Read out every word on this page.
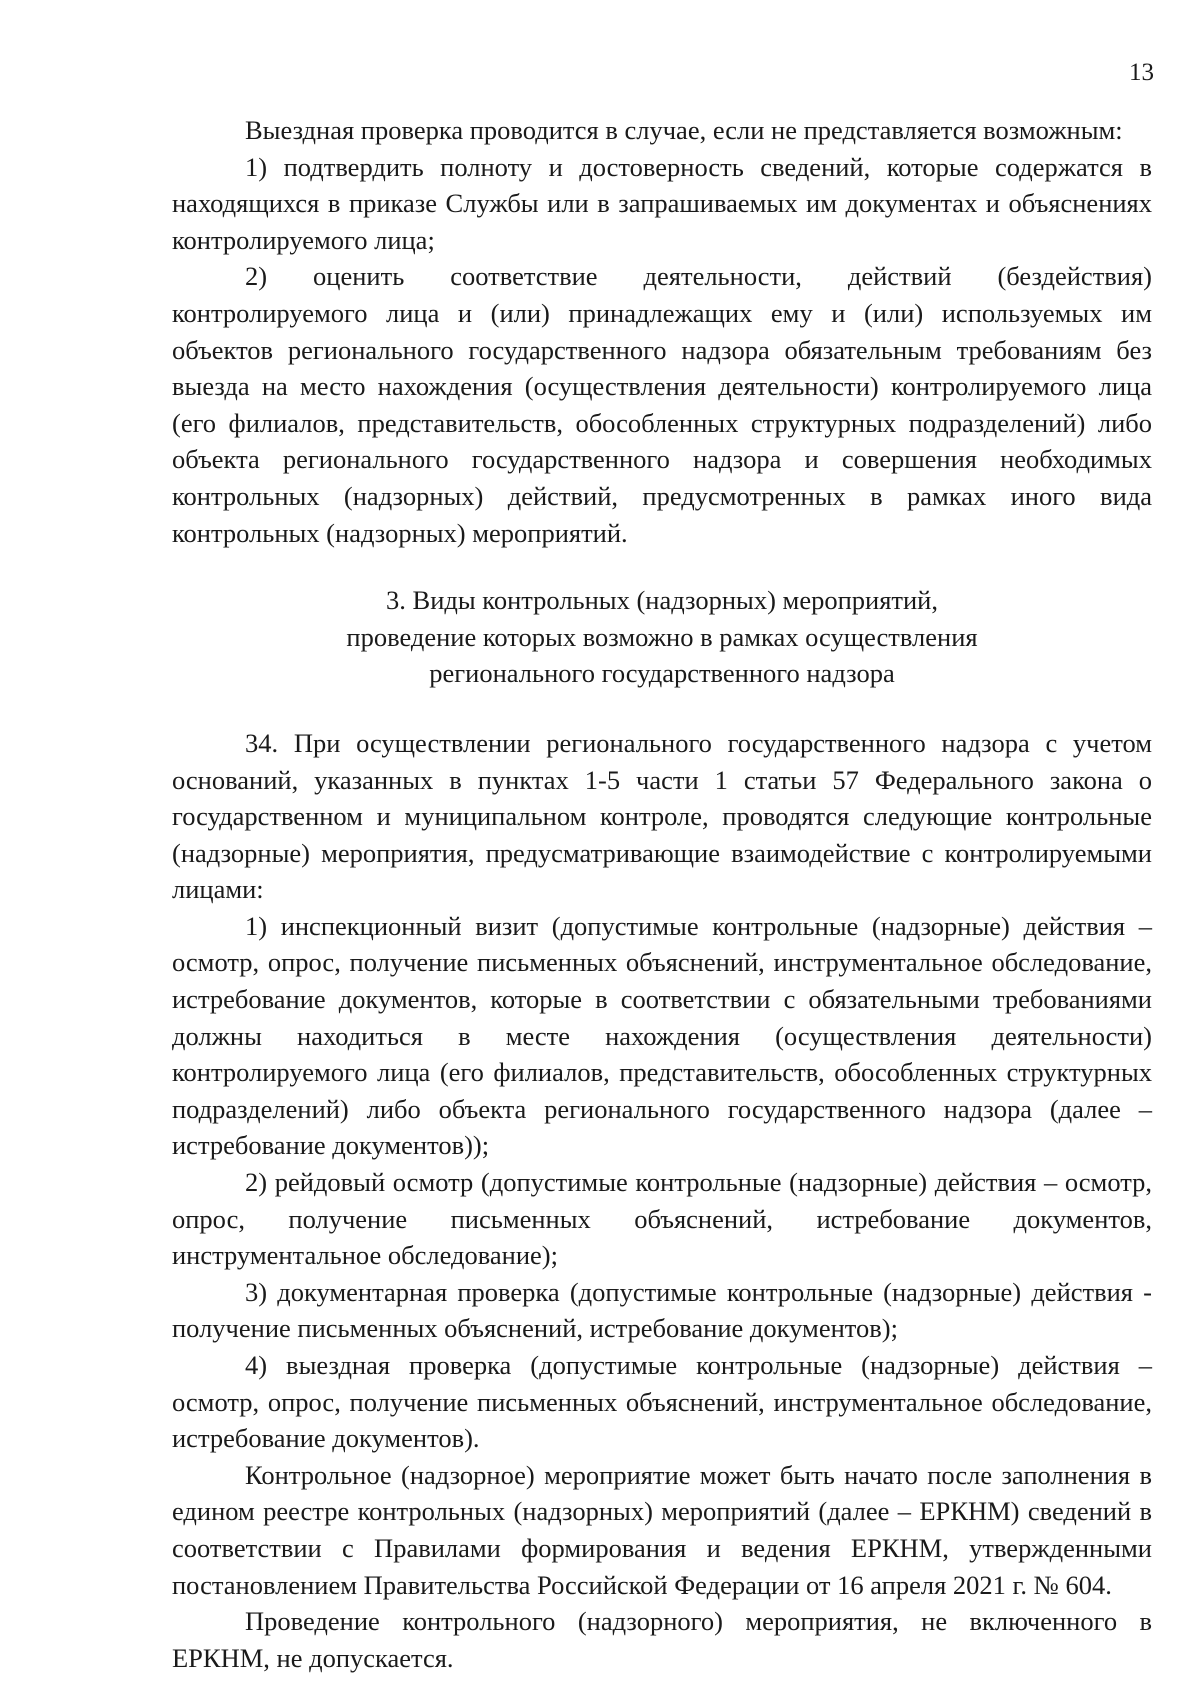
13

Выездная проверка проводится в случае, если не представляется возможным:

1) подтвердить полноту и достоверность сведений, которые содержатся в находящихся в приказе Службы или в запрашиваемых им документах и объяснениях контролируемого лица;

2) оценить соответствие деятельности, действий (бездействия) контролируемого лица и (или) принадлежащих ему и (или) используемых им объектов регионального государственного надзора обязательным требованиям без выезда на место нахождения (осуществления деятельности) контролируемого лица (его филиалов, представительств, обособленных структурных подразделений) либо объекта регионального государственного надзора и совершения необходимых контрольных (надзорных) действий, предусмотренных в рамках иного вида контрольных (надзорных) мероприятий.

3. Виды контрольных (надзорных) мероприятий,
проведение которых возможно в рамках осуществления
регионального государственного надзора

34. При осуществлении регионального государственного надзора с учетом оснований, указанных в пунктах 1-5 части 1 статьи 57 Федерального закона о государственном и муниципальном контроле, проводятся следующие контрольные (надзорные) мероприятия, предусматривающие взаимодействие с контролируемыми лицами:

1) инспекционный визит (допустимые контрольные (надзорные) действия – осмотр, опрос, получение письменных объяснений, инструментальное обследование, истребование документов, которые в соответствии с обязательными требованиями должны находиться в месте нахождения (осуществления деятельности) контролируемого лица (его филиалов, представительств, обособленных структурных подразделений) либо объекта регионального государственного надзора (далее – истребование документов));

2) рейдовый осмотр (допустимые контрольные (надзорные) действия – осмотр, опрос, получение письменных объяснений, истребование документов, инструментальное обследование);

3) документарная проверка (допустимые контрольные (надзорные) действия - получение письменных объяснений, истребование документов);

4) выездная проверка (допустимые контрольные (надзорные) действия – осмотр, опрос, получение письменных объяснений, инструментальное обследование, истребование документов).

Контрольное (надзорное) мероприятие может быть начато после заполнения в едином реестре контрольных (надзорных) мероприятий (далее – ЕРКНМ) сведений в соответствии с Правилами формирования и ведения ЕРКНМ, утвержденными постановлением Правительства Российской Федерации от 16 апреля 2021 г. № 604.

Проведение контрольного (надзорного) мероприятия, не включенного в ЕРКНМ, не допускается.
